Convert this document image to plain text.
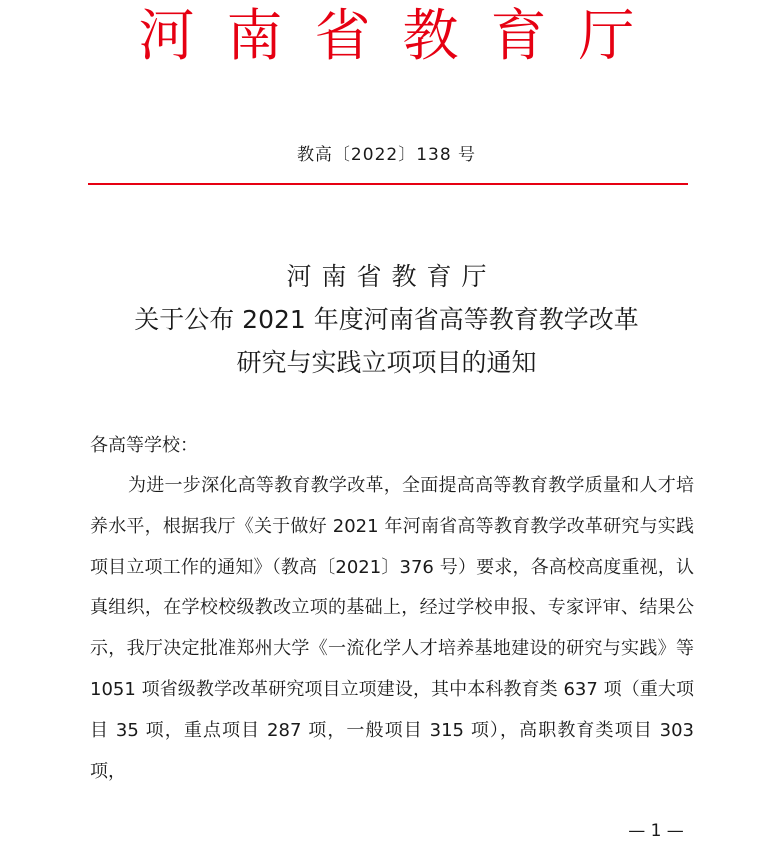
河南省教育厅
教高〔2022〕138 号
河南省教育厅
关于公布 2021 年度河南省高等教育教学改革
研究与实践立项项目的通知
各高等学校：

为进一步深化高等教育教学改革，全面提高高等教育教学质量和人才培养水平，根据我厅《关于做好 2021 年河南省高等教育教学改革研究与实践项目立项工作的通知》（教高〔2021〕376 号）要求，各高校高度重视，认真组织，在学校校级教改立项的基础上，经过学校申报、专家评审、结果公示，我厅决定批准郑州大学《一流化学人才培养基地建设的研究与实践》等 1051 项省级教学改革研究项目立项建设，其中本科教育类 637 项（重大项目 35 项，重点项目 287 项，一般项目 315 项），高职教育类项目 303 项，

— 1 —
